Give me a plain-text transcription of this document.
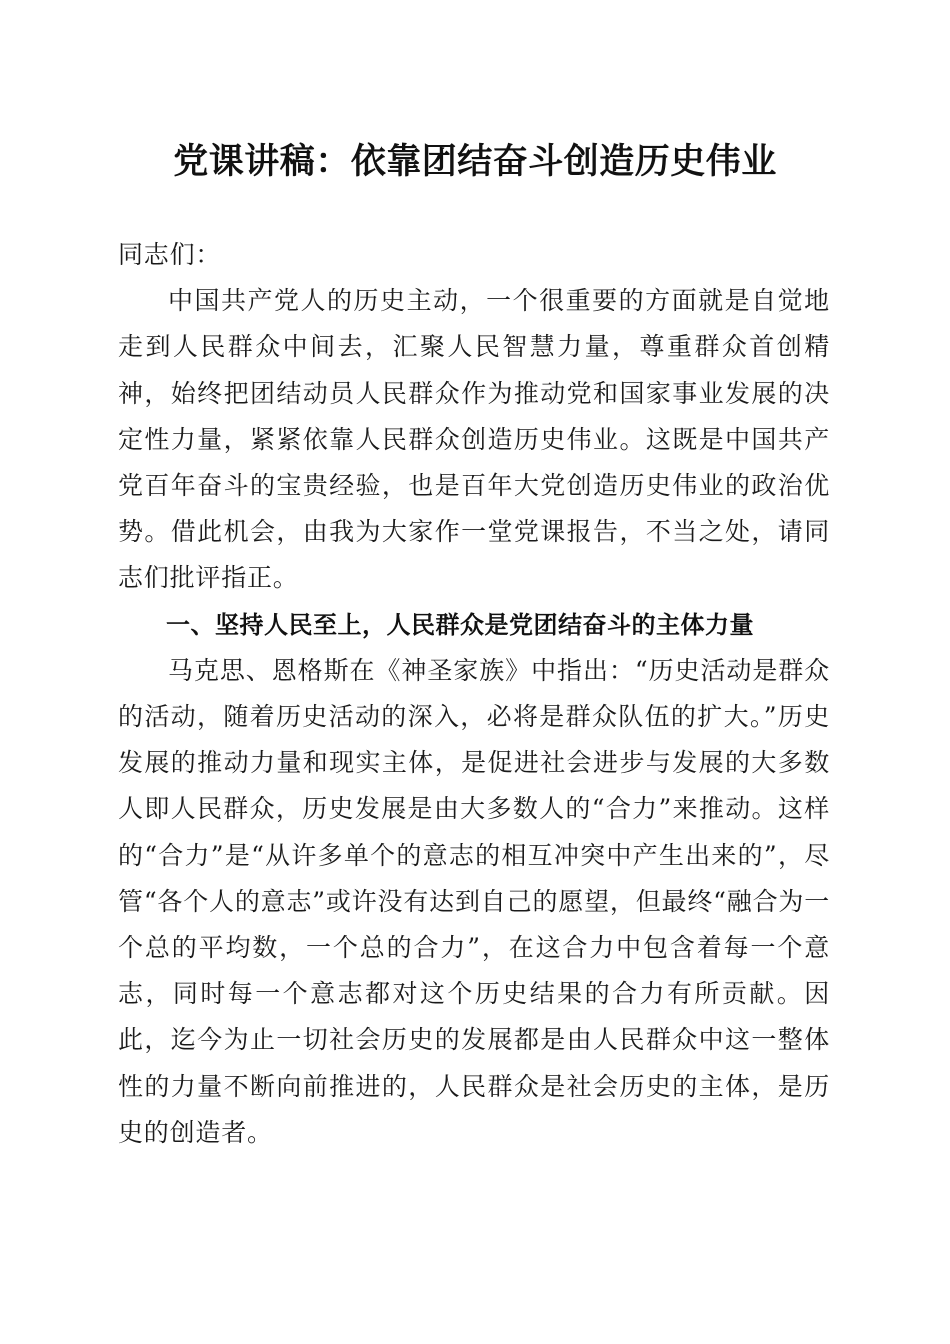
党课讲稿：依靠团结奋斗创造历史伟业

同志们：

中国共产党人的历史主动，一个很重要的方面就是自觉地走到人民群众中间去，汇聚人民智慧力量，尊重群众首创精神，始终把团结动员人民群众作为推动党和国家事业发展的决定性力量，紧紧依靠人民群众创造历史伟业。这既是中国共产党百年奋斗的宝贵经验，也是百年大党创造历史伟业的政治优势。借此机会，由我为大家作一堂党课报告，不当之处，请同志们批评指正。

一、坚持人民至上，人民群众是党团结奋斗的主体力量

马克思、恩格斯在《神圣家族》中指出：“历史活动是群众的活动，随着历史活动的深入，必将是群众队伍的扩大。”历史发展的推动力量和现实主体，是促进社会进步与发展的大多数人即人民群众，历史发展是由大多数人的“合力”来推动。这样的“合力”是“从许多单个的意志的相互冲突中产生出来的”，尽管“各个人的意志”或许没有达到自己的愿望，但最终“融合为一个总的平均数，一个总的合力”，在这合力中包含着每一个意志，同时每一个意志都对这个历史结果的合力有所贡献。因此，迄今为止一切社会历史的发展都是由人民群众中这一整体性的力量不断向前推进的，人民群众是社会历史的主体，是历史的创造者。
